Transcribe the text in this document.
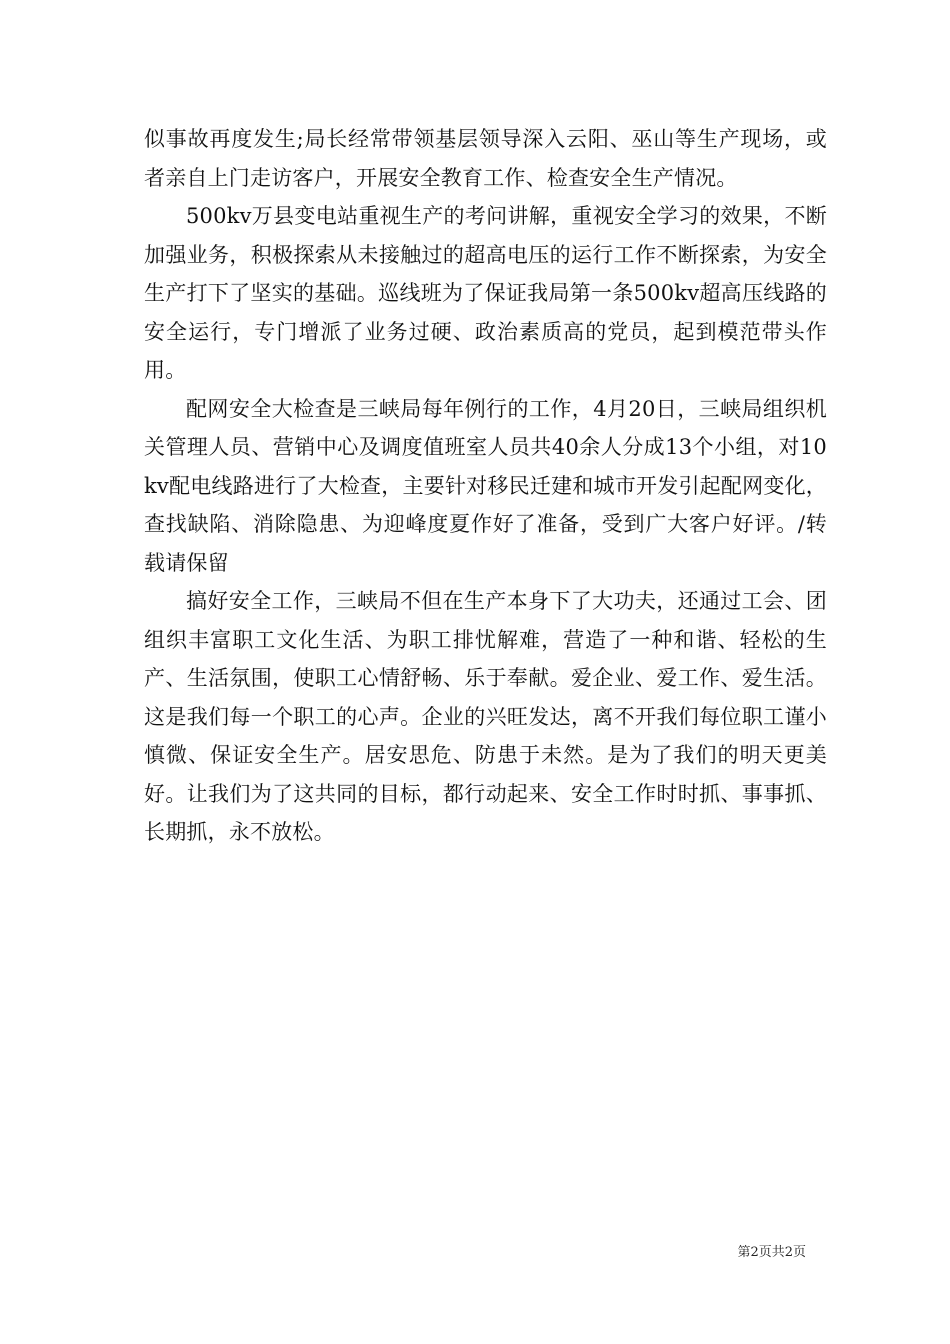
似事故再度发生;局长经常带领基层领导深入云阳、巫山等生产现场，或者亲自上门走访客户，开展安全教育工作、检查安全生产情况。

500kv万县变电站重视生产的考问讲解，重视安全学习的效果，不断加强业务，积极探索从未接触过的超高电压的运行工作不断探索，为安全生产打下了坚实的基础。巡线班为了保证我局第一条500kv超高压线路的安全运行，专门增派了业务过硬、政治素质高的党员，起到模范带头作用。

配网安全大检查是三峡局每年例行的工作，4月20日，三峡局组织机关管理人员、营销中心及调度值班室人员共40余人分成13个小组，对10kv配电线路进行了大检查，主要针对移民迁建和城市开发引起配网变化，查找缺陷、消除隐患、为迎峰度夏作好了准备，受到广大客户好评。/转载请保留

搞好安全工作，三峡局不但在生产本身下了大功夫，还通过工会、团组织丰富职工文化生活、为职工排忧解难，营造了一种和谐、轻松的生产、生活氛围，使职工心情舒畅、乐于奉献。爱企业、爱工作、爱生活。这是我们每一个职工的心声。企业的兴旺发达，离不开我们每位职工谨小慎微、保证安全生产。居安思危、防患于未然。是为了我们的明天更美好。让我们为了这共同的目标，都行动起来、安全工作时时抓、事事抓、长期抓，永不放松。

第2页共2页
